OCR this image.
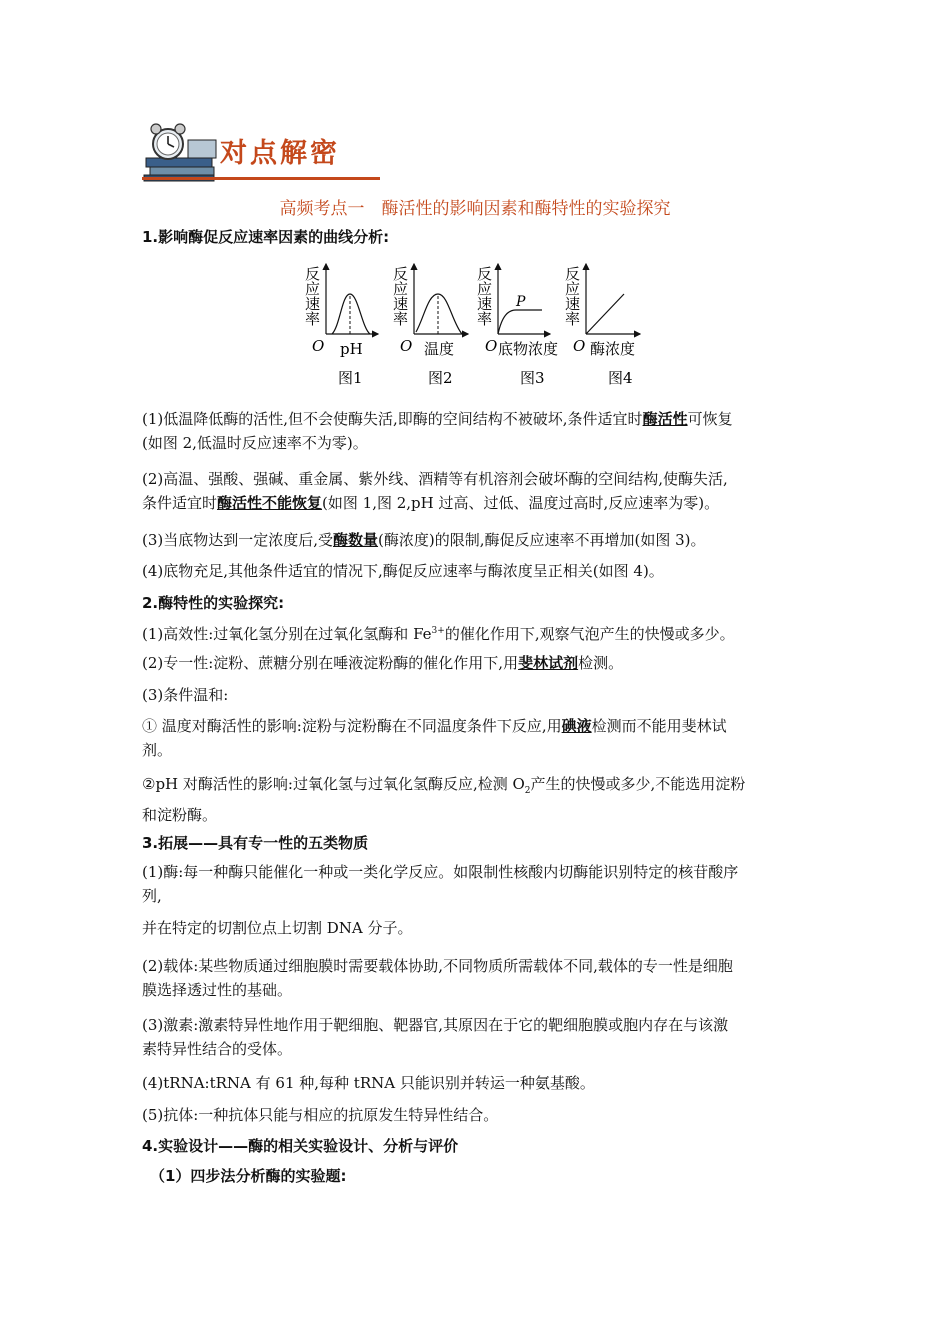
对点解密
高频考点一　酶活性的影响因素和酶特性的实验探究
1.影响酶促反应速率因素的曲线分析:
反应速率
O pH
图1
反应速率
O 温度
图2
P
反应速率
O 底物浓度
图3
反应速率
O 酶浓度
图4
(1)低温降低酶的活性,但不会使酶失活,即酶的空间结构不被破坏,条件适宜时酶活性可恢复
(如图 2,低温时反应速率不为零)。
(2)高温、强酸、强碱、重金属、紫外线、酒精等有机溶剂会破坏酶的空间结构,使酶失活,
条件适宜时酶活性不能恢复(如图 1,图 2,pH 过高、过低、温度过高时,反应速率为零)。
(3)当底物达到一定浓度后,受酶数量(酶浓度)的限制,酶促反应速率不再增加(如图 3)。
(4)底物充足,其他条件适宜的情况下,酶促反应速率与酶浓度呈正相关(如图 4)。
2.酶特性的实验探究:
(1)高效性:过氧化氢分别在过氧化氢酶和 $Fe^{3+}$的催化作用下,观察气泡产生的快慢或多少。
(2)专一性:淀粉、蔗糖分别在唾液淀粉酶的催化作用下,用斐林试剂检测。
(3)条件温和:
① 温度对酶活性的影响:淀粉与淀粉酶在不同温度条件下反应,用碘液检测而不能用斐林试
剂。
②pH 对酶活性的影响:过氧化氢与过氧化氢酶反应,检测 $O_2$产生的快慢或多少,不能选用淀粉
和淀粉酶。
3.拓展——具有专一性的五类物质
(1)酶:每一种酶只能催化一种或一类化学反应。如限制性核酸内切酶能识别特定的核苷酸序
列,
并在特定的切割位点上切割 DNA 分子。
(2)载体:某些物质通过细胞膜时需要载体协助,不同物质所需载体不同,载体的专一性是细胞
膜选择透过性的基础。
(3)激素:激素特异性地作用于靶细胞、靶器官,其原因在于它的靶细胞膜或胞内存在与该激
素特异性结合的受体。
(4)tRNA:tRNA 有 61 种,每种 tRNA 只能识别并转运一种氨基酸。
(5)抗体:一种抗体只能与相应的抗原发生特异性结合。
4.实验设计——酶的相关实验设计、分析与评价
（1）四步法分析酶的实验题:
